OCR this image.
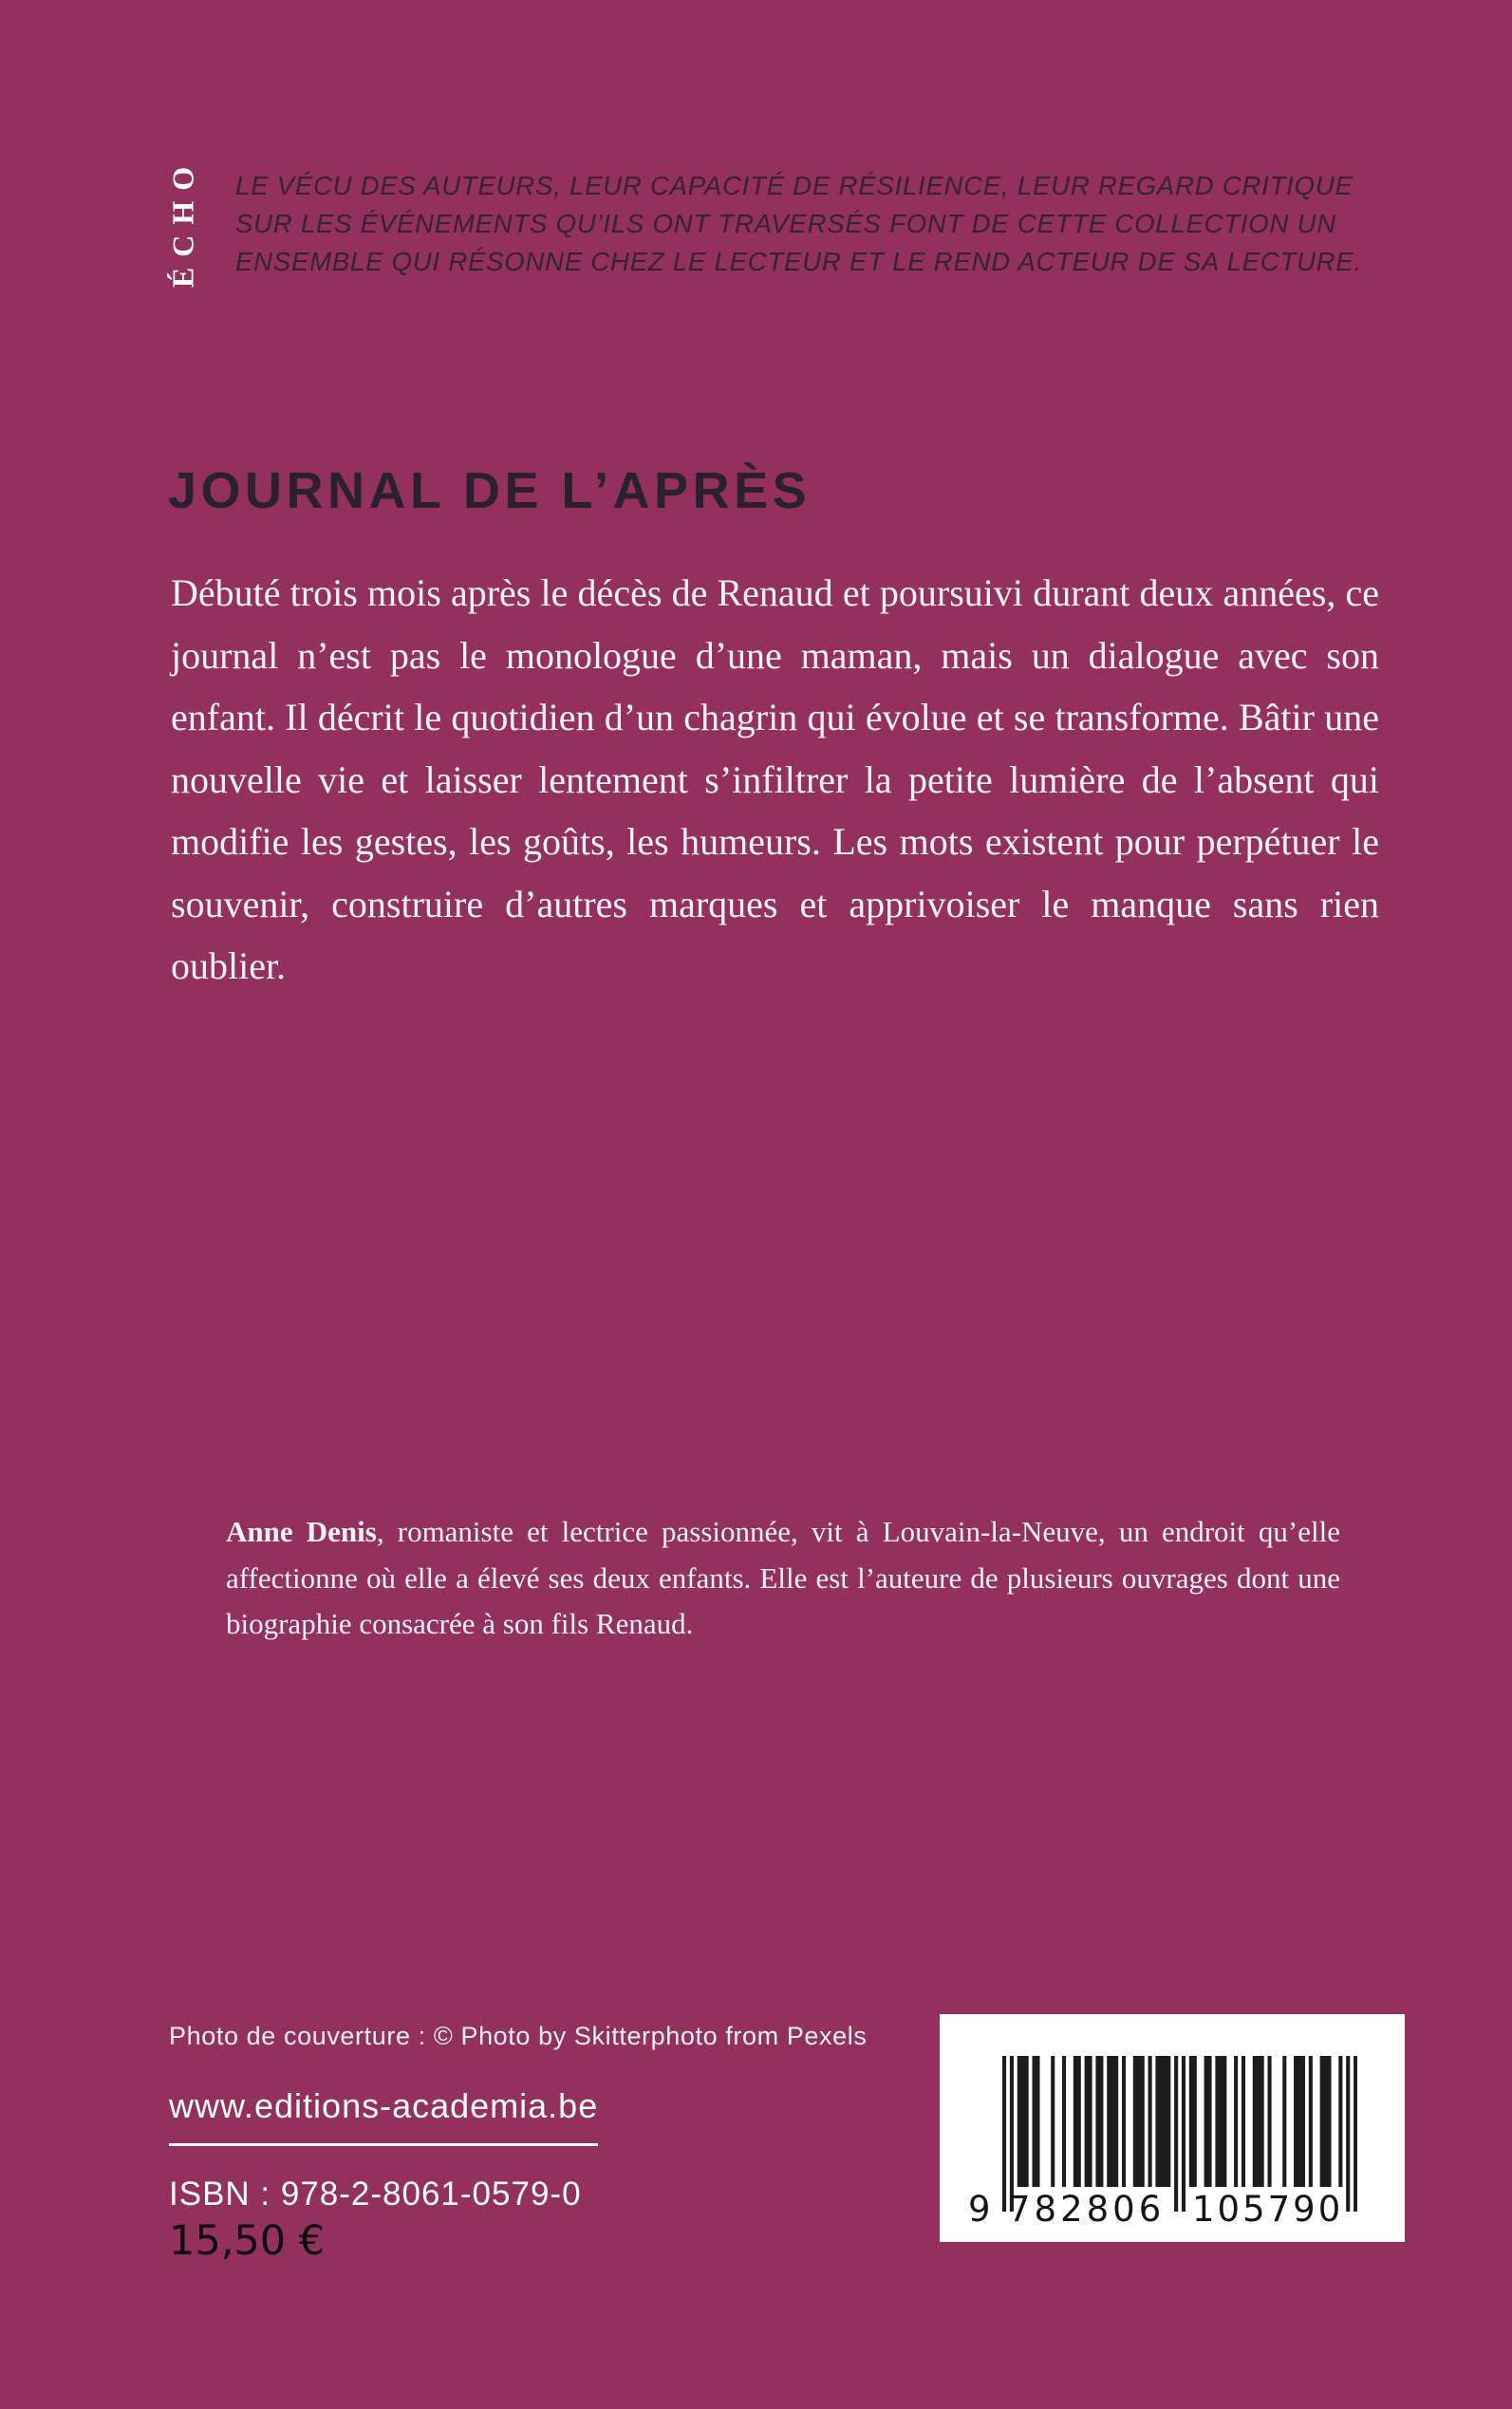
ÉCHO LE VÉCU DES AUTEURS, LEUR CAPACITÉ DE RÉSILIENCE, LEUR REGARD CRITIQUE
SUR LES ÉVÉNEMENTS QU’ILS ONT TRAVERSÉS FONT DE CETTE COLLECTION UN
ENSEMBLE QUI RÉSONNE CHEZ LE LECTEUR ET LE REND ACTEUR DE SA LECTURE.
JOURNAL DE L’APRÈS

Débuté trois mois après le décès de Renaud et poursuivi durant deux années, ce journal n’est pas le monologue d’une maman, mais un dialogue avec son enfant. Il décrit le quotidien d’un chagrin qui évolue et se transforme. Bâtir une nouvelle vie et laisser lentement s’infiltrer la petite lumière de l’absent qui modifie les gestes, les goûts, les humeurs. Les mots existent pour perpétuer le souvenir, construire d’autres marques et apprivoiser le manque sans rien oublier.

Anne Denis, romaniste et lectrice passionnée, vit à Louvain-la-Neuve, un endroit qu’elle affectionne où elle a élevé ses deux enfants. Elle est l’auteure de plusieurs ouvrages dont une biographie consacrée à son fils Renaud.

Photo de couverture : © Photo by Skitterphoto from Pexels
www.editions-academia.be
ISBN : 978-2-8061-0579-0
15,50 €
9 782806 105790
